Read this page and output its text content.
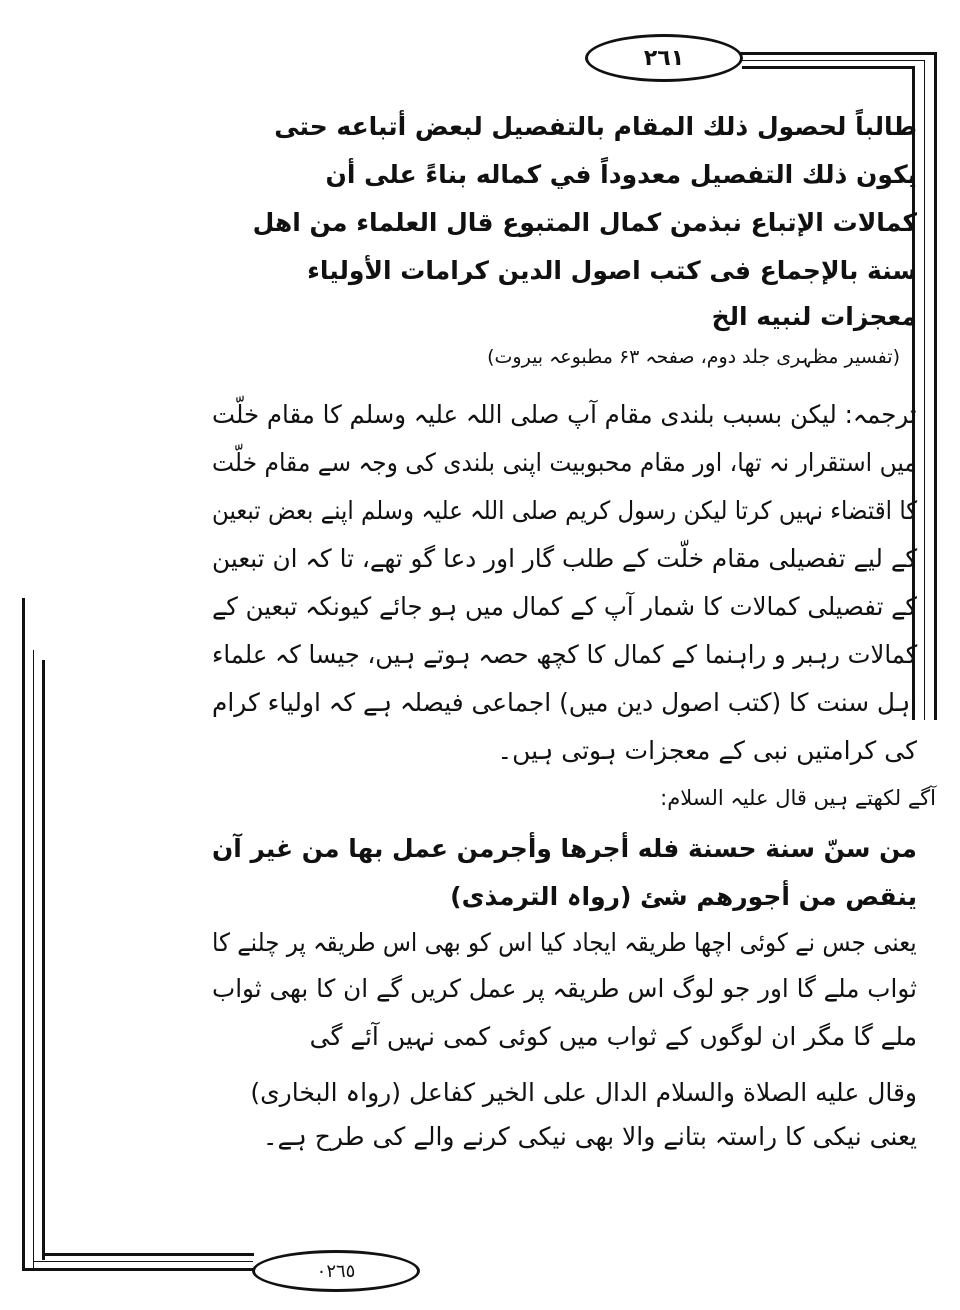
٢٦١
طالباً لحصول ذلك المقام بالتفصيل لبعض أتباعه حتى
يكون ذلك التفصيل معدوداً في كماله بناءً على أن
كمالات الإتباع نبذمن كمال المتبوع قال العلماء من اهل
سنة بالإجماع فى كتب اصول الدين كرامات الأولياء
معجزات لنبيه الخ
(تفسیر مظہری جلد دوم، صفحہ ۶۳ مطبوعہ بیروت)
ترجمہ: لیکن بسبب بلندی مقام آپ صلی اللہ علیہ وسلم کا مقام خلّت
میں استقرار نہ تھا، اور مقام محبوبیت اپنی بلندی کی وجہ سے مقام خلّت
کا اقتضاء نہیں کرتا لیکن رسول کریم صلی اللہ علیہ وسلم اپنے بعض تبعین
کے لیے تفصیلی مقام خلّت کے طلب گار اور دعا گو تھے، تا کہ ان تبعین
کے تفصیلی کمالات کا شمار آپ کے کمال میں ہو جائے کیونکہ تبعین کے
کمالات رہبر و راہنما کے کمال کا کچھ حصہ ہوتے ہیں، جیسا کہ علماء
اہل سنت کا (کتب اصول دین میں) اجماعی فیصلہ ہے کہ اولیاء کرام
کی کرامتیں نبی کے معجزات ہوتی ہیں۔
آگے لکھتے ہیں قال علیہ السلام:
من سنّ سنة حسنة فله أجرها وأجرمن عمل بها من غير آن
ينقص من أجورهم شئ (رواہ الترمذی)
یعنی جس نے کوئی اچھا طریقہ ایجاد کیا اس کو بھی اس طریقہ پر چلنے کا
ثواب ملے گا اور جو لوگ اس طریقہ پر عمل کریں گے ان کا بھی ثواب
ملے گا مگر ان لوگوں کے ثواب میں کوئی کمی نہیں آئے گی
وقال عليه الصلاة والسلام الدال على الخير كفاعل (رواہ البخاری)
یعنی نیکی کا راستہ بتانے والا بھی نیکی کرنے والے کی طرح ہے۔
٠٢٦٥
